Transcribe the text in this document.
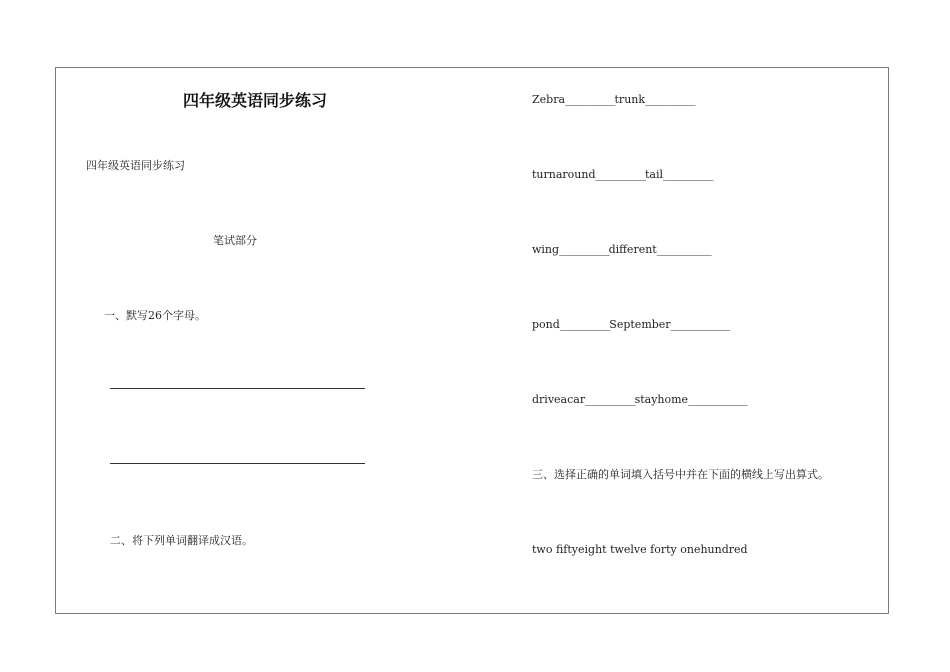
四年级英语同步练习
四年级英语同步练习
笔试部分
一、默写26个字母。
二、将下列单词翻译成汉语。
Zebra___________trunk___________
turnaround___________tail___________
wing___________different____________
pond___________September_____________
driveacar___________stayhome_____________
三、选择正确的单词填入括号中并在下面的横线上写出算式。
two fiftyeight twelve forty onehundred
